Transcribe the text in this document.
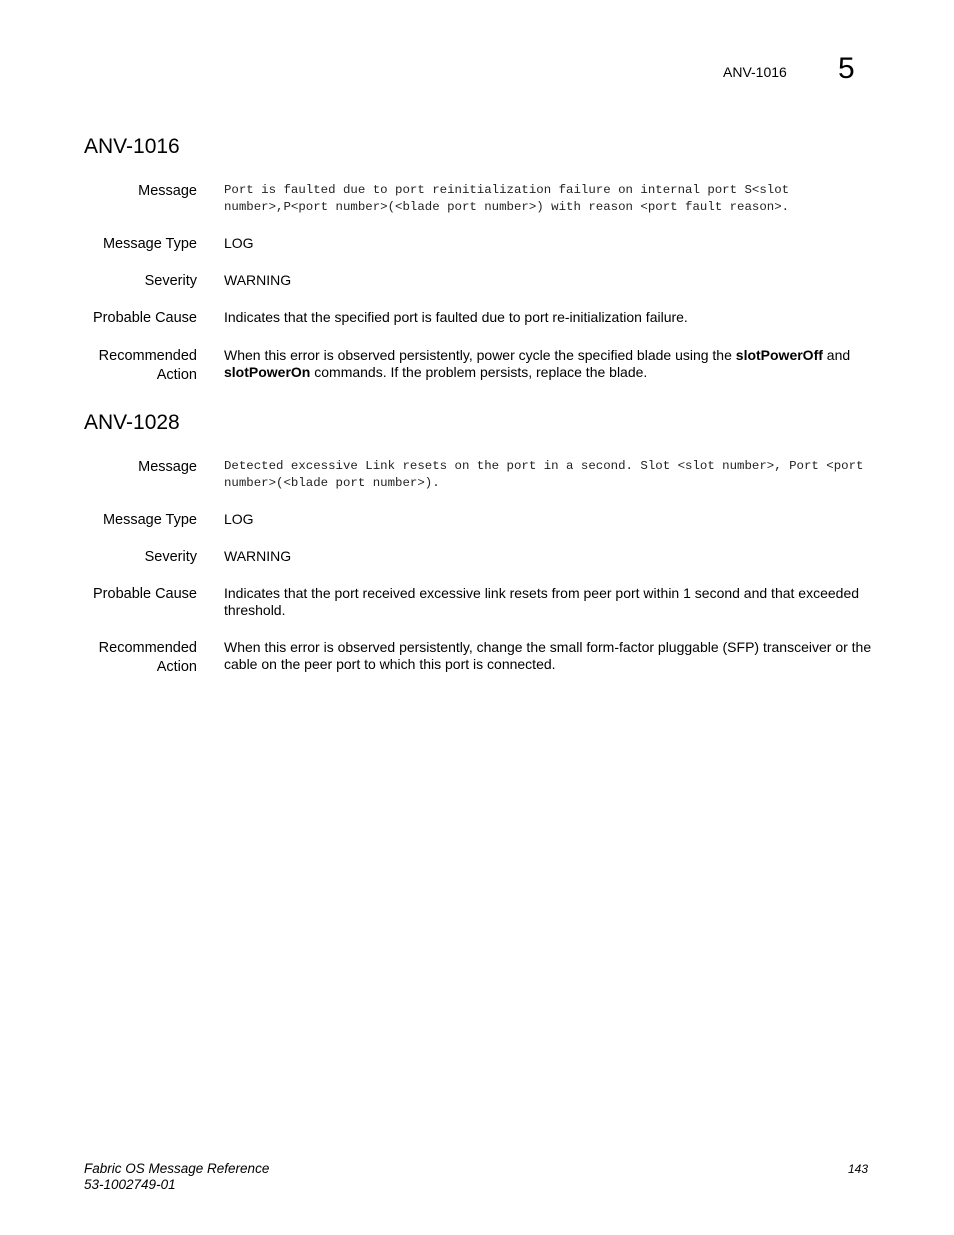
ANV-1016 5
ANV-1016
Message Port is faulted due to port reinitialization failure on internal port S<slot number>,P<port number>(<blade port number>) with reason <port fault reason>.
Message Type LOG
Severity WARNING
Probable Cause Indicates that the specified port is faulted due to port re-initialization failure.
Recommended
Action
When this error is observed persistently, power cycle the specified blade using the slotPowerOff and slotPowerOn commands. If the problem persists, replace the blade.
ANV-1028
Message Detected excessive Link resets on the port in a second. Slot <slot number>, Port <port number>(<blade port number>).
Message Type LOG
Severity WARNING
Probable Cause Indicates that the port received excessive link resets from peer port within 1 second and that exceeded threshold.
Recommended
Action
When this error is observed persistently, change the small form-factor pluggable (SFP) transceiver or the cable on the peer port to which this port is connected.
Fabric OS Message Reference
53-1002749-01
143
